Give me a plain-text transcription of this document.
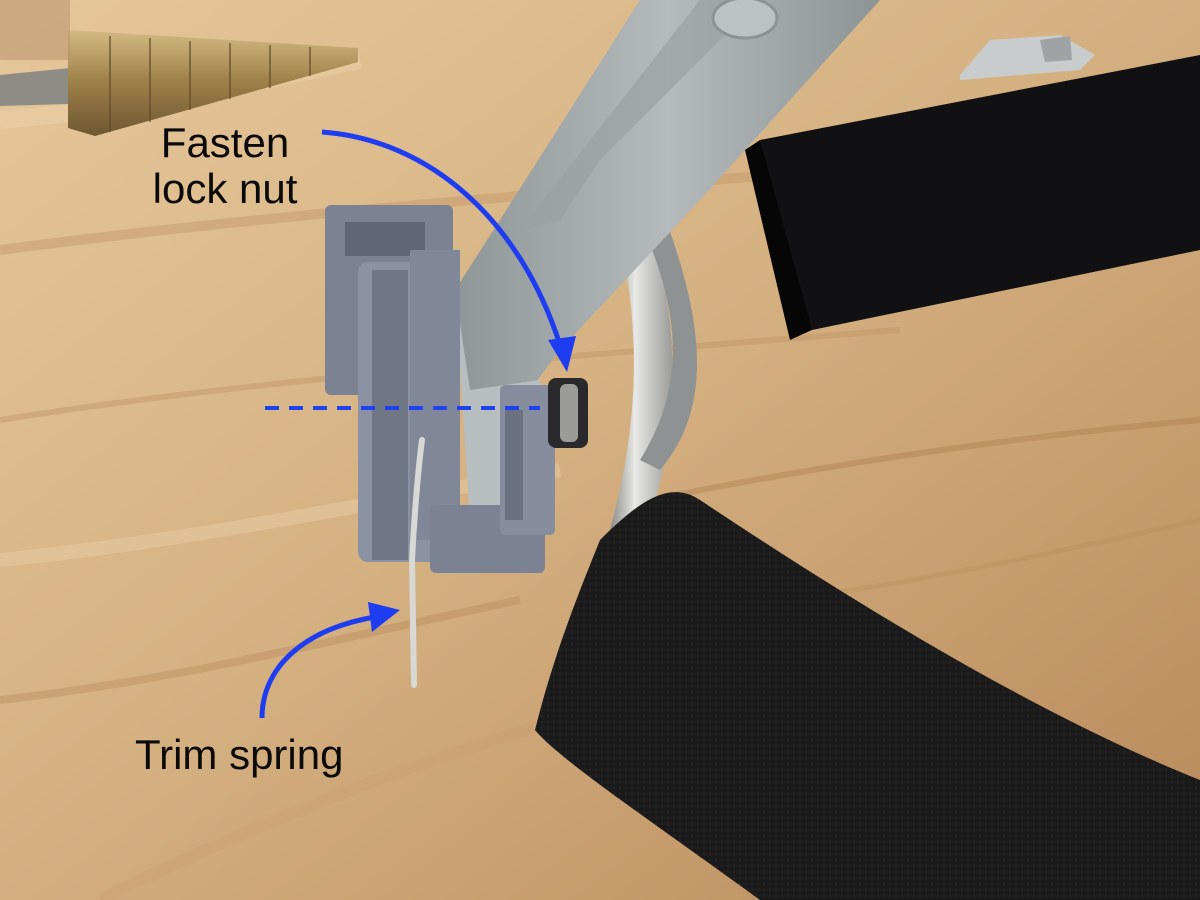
Fasten
lock nut
Trim spring
